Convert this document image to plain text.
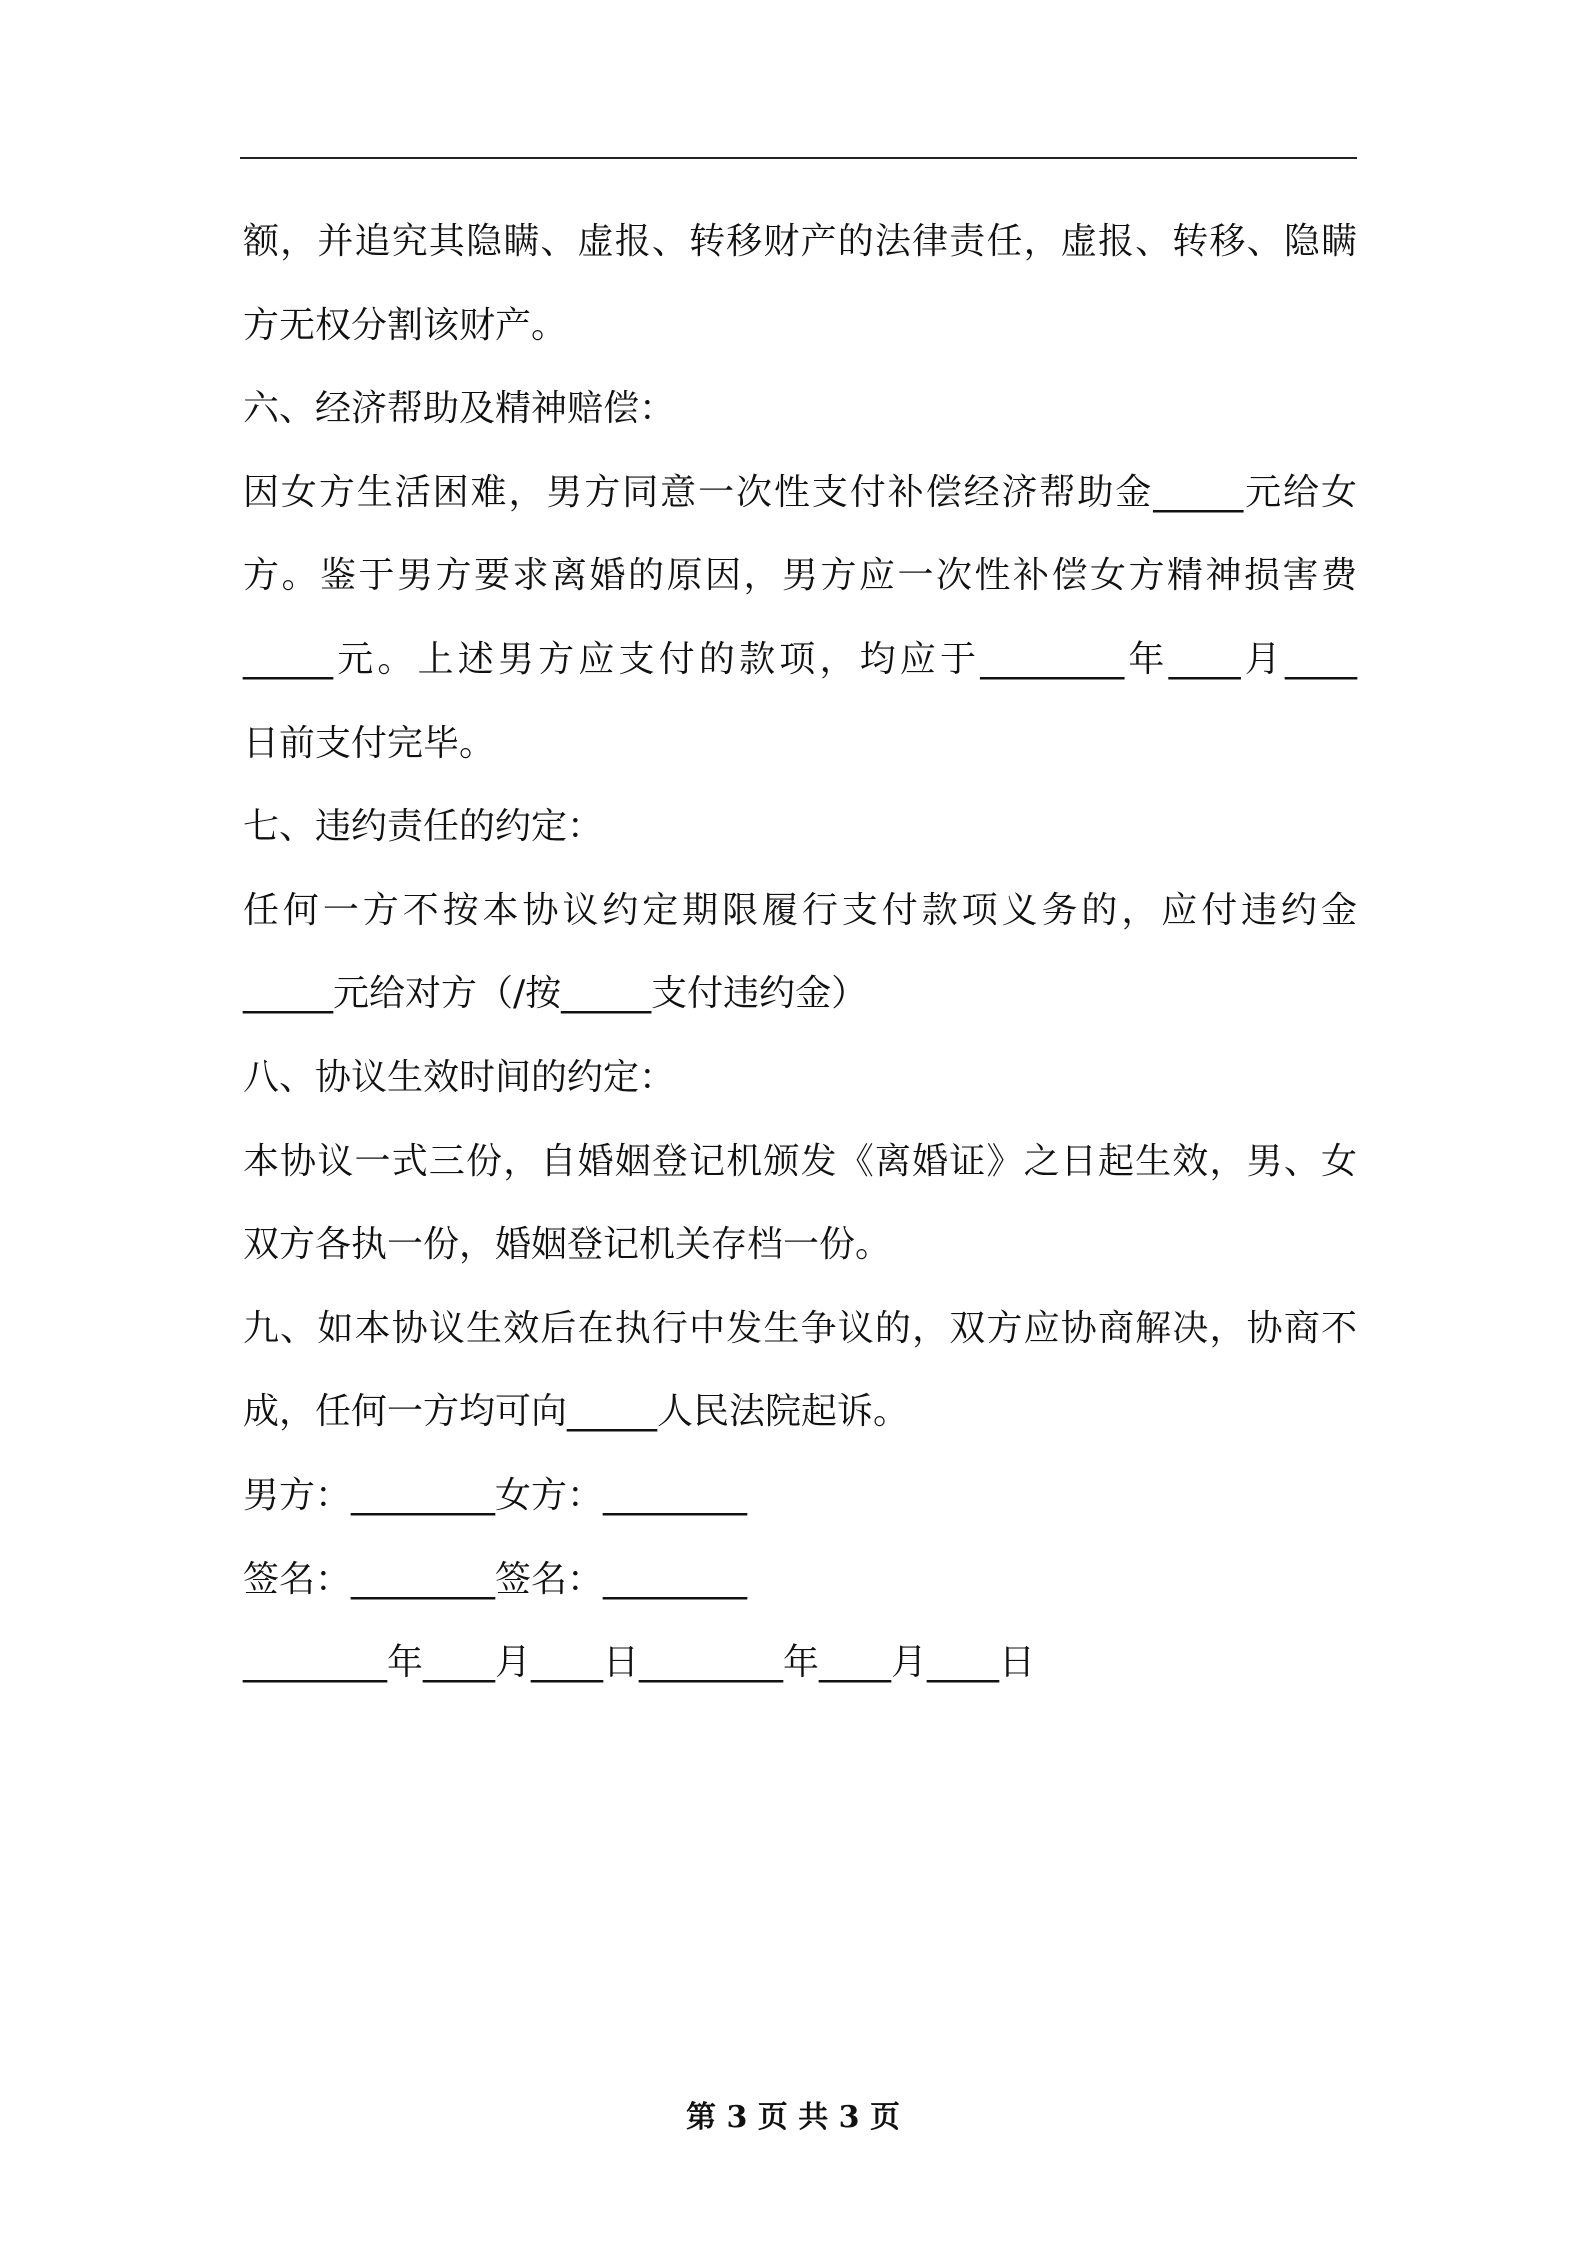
额，并追究其隐瞒、虚报、转移财产的法律责任，虚报、转移、隐瞒
方无权分割该财产。
六、经济帮助及精神赔偿：
因女方生活困难，男方同意一次性支付补偿经济帮助金_____元给女
方。鉴于男方要求离婚的原因，男方应一次性补偿女方精神损害费
_____元。上述男方应支付的款项，均应于________年____月____
日前支付完毕。
七、违约责任的约定：
任何一方不按本协议约定期限履行支付款项义务的，应付违约金
_____元给对方（/按_____支付违约金）
八、协议生效时间的约定：
本协议一式三份，自婚姻登记机颁发《离婚证》之日起生效，男、女
双方各执一份，婚姻登记机关存档一份。
九、如本协议生效后在执行中发生争议的，双方应协商解决，协商不
成，任何一方均可向_____人民法院起诉。
男方：________女方：________
签名：________签名：________
________年____月____日________年____月____日
第 3 页 共 3 页
